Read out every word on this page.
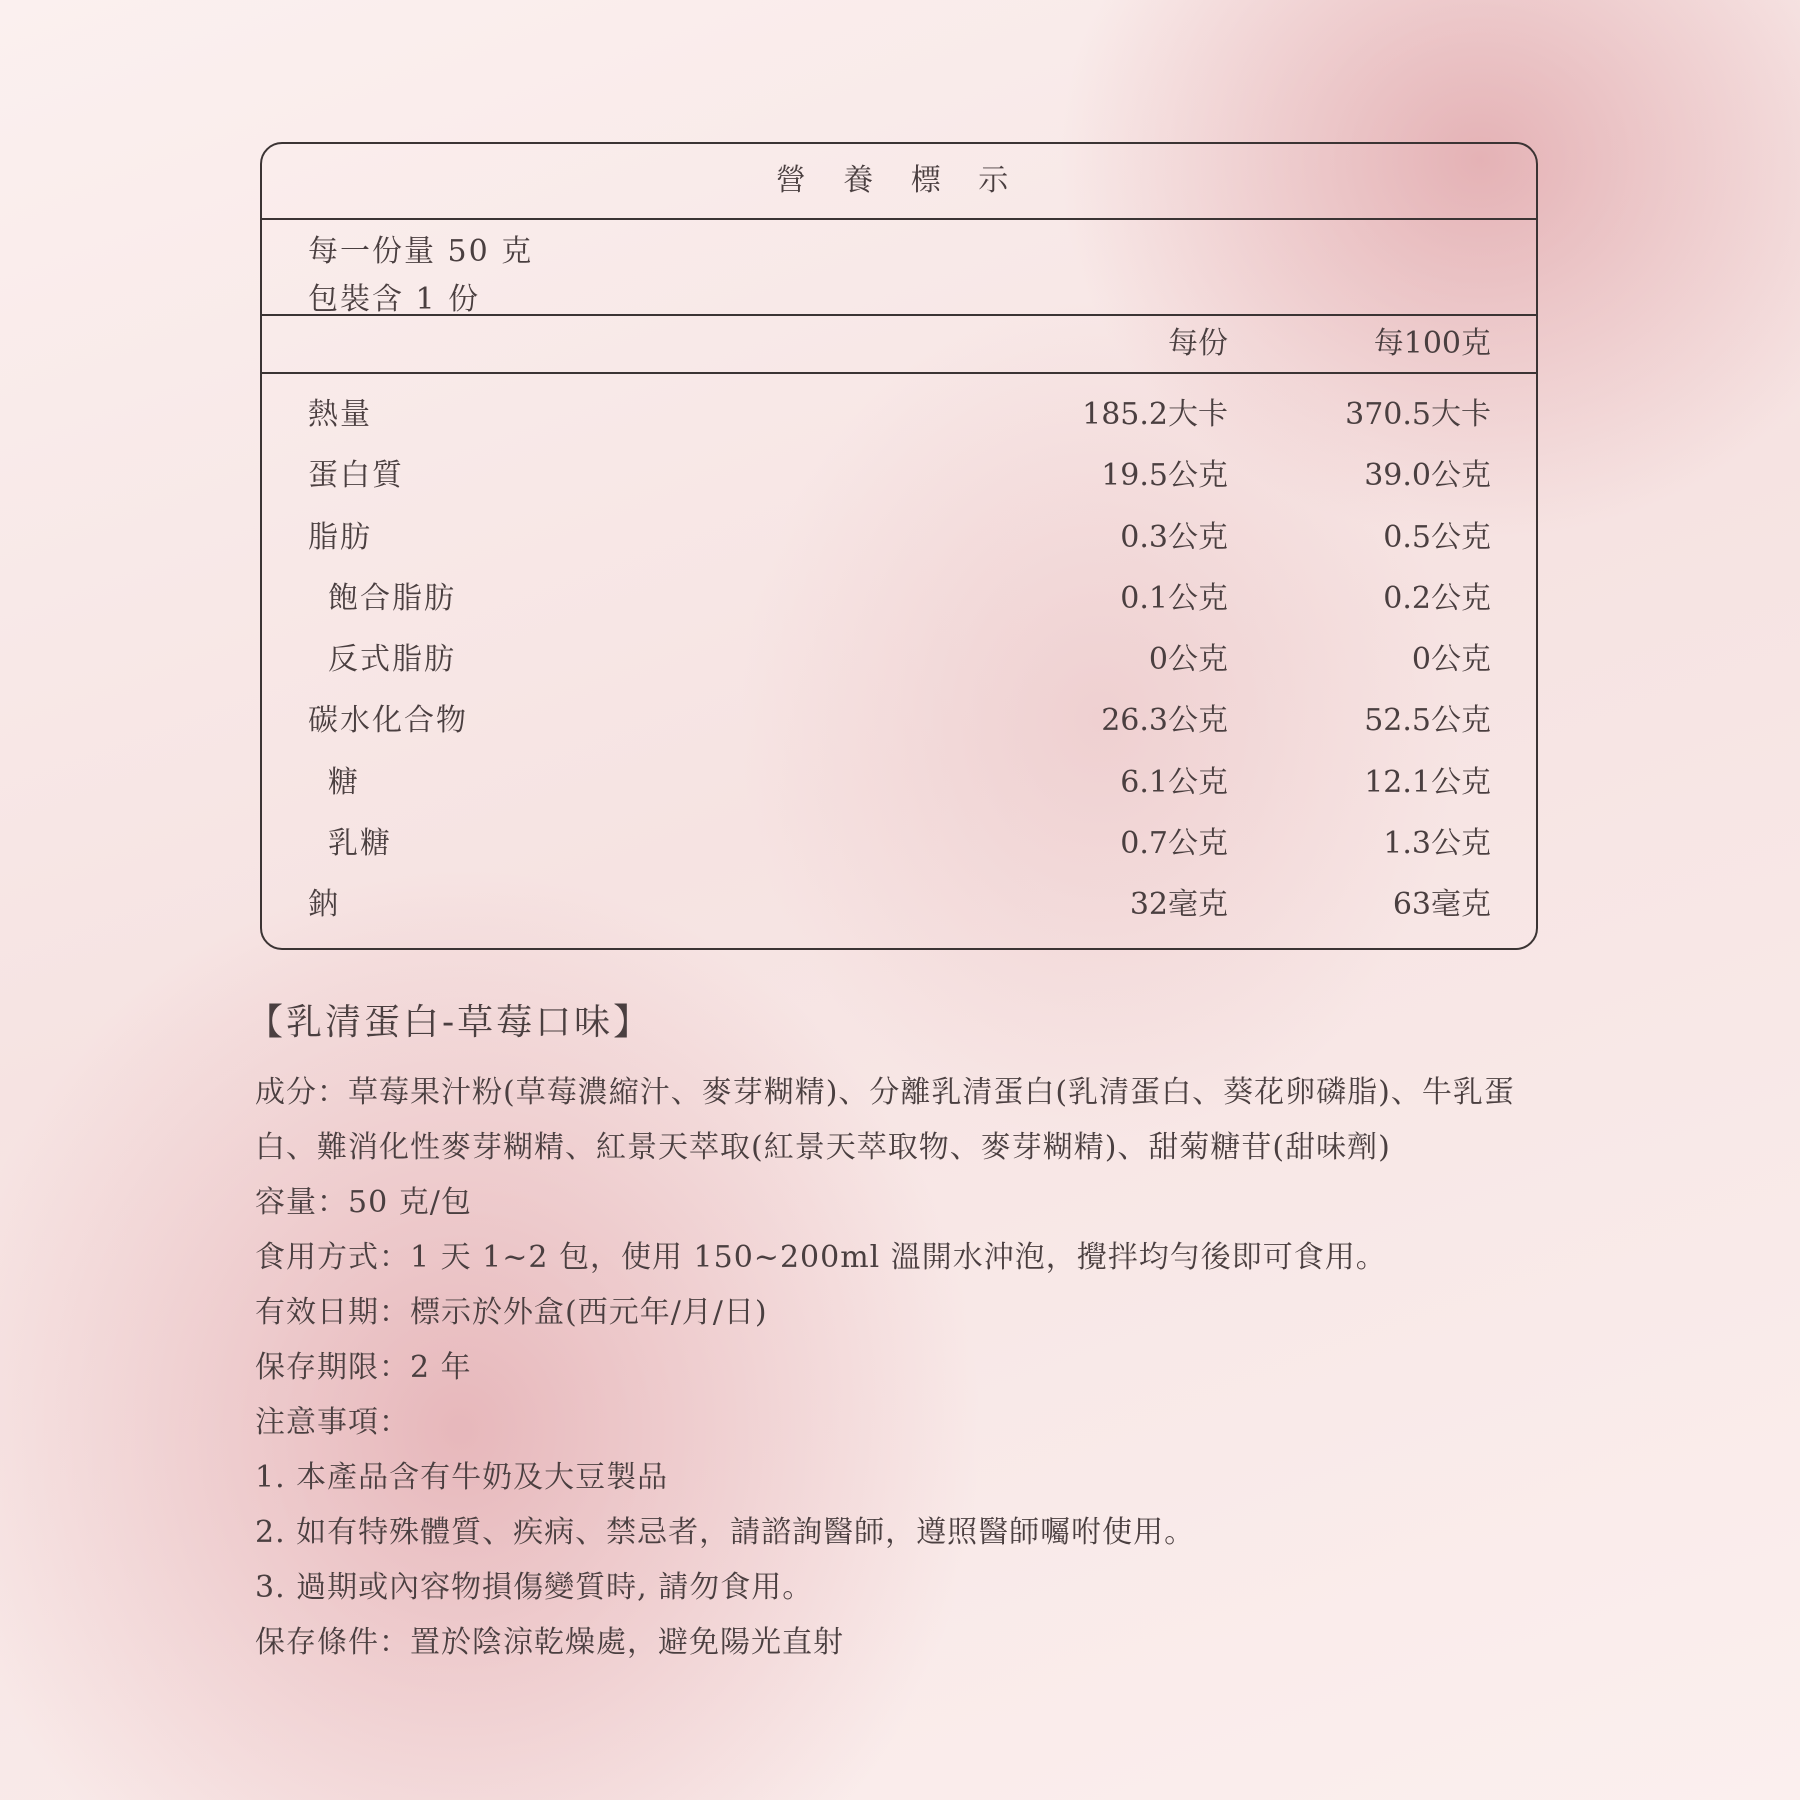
營 養 標 示
每一份量 50 克
包裝含 1 份
每份	每100克
熱量	185.2大卡	370.5大卡
蛋白質	19.5公克	39.0公克
脂肪	0.3公克	0.5公克
飽合脂肪	0.1公克	0.2公克
反式脂肪	0公克	0公克
碳水化合物	26.3公克	52.5公克
糖	6.1公克	12.1公克
乳糖	0.7公克	1.3公克
鈉	32毫克	63毫克
【乳清蛋白-草莓口味】
成分：草莓果汁粉(草莓濃縮汁、麥芽糊精)、分離乳清蛋白(乳清蛋白、葵花卵磷脂)、牛乳蛋白、難消化性麥芽糊精、紅景天萃取(紅景天萃取物、麥芽糊精)、甜菊糖苷(甜味劑)
容量：50 克/包
食用方式：1 天 1~2 包，使用 150~200ml 溫開水沖泡，攪拌均勻後即可食用。
有效日期：標示於外盒(西元年/月/日)
保存期限：2 年
注意事項：
1. 本產品含有牛奶及大豆製品
2. 如有特殊體質、疾病、禁忌者，請諮詢醫師，遵照醫師囑咐使用。
3. 過期或內容物損傷變質時, 請勿食用。
保存條件：置於陰涼乾燥處，避免陽光直射
